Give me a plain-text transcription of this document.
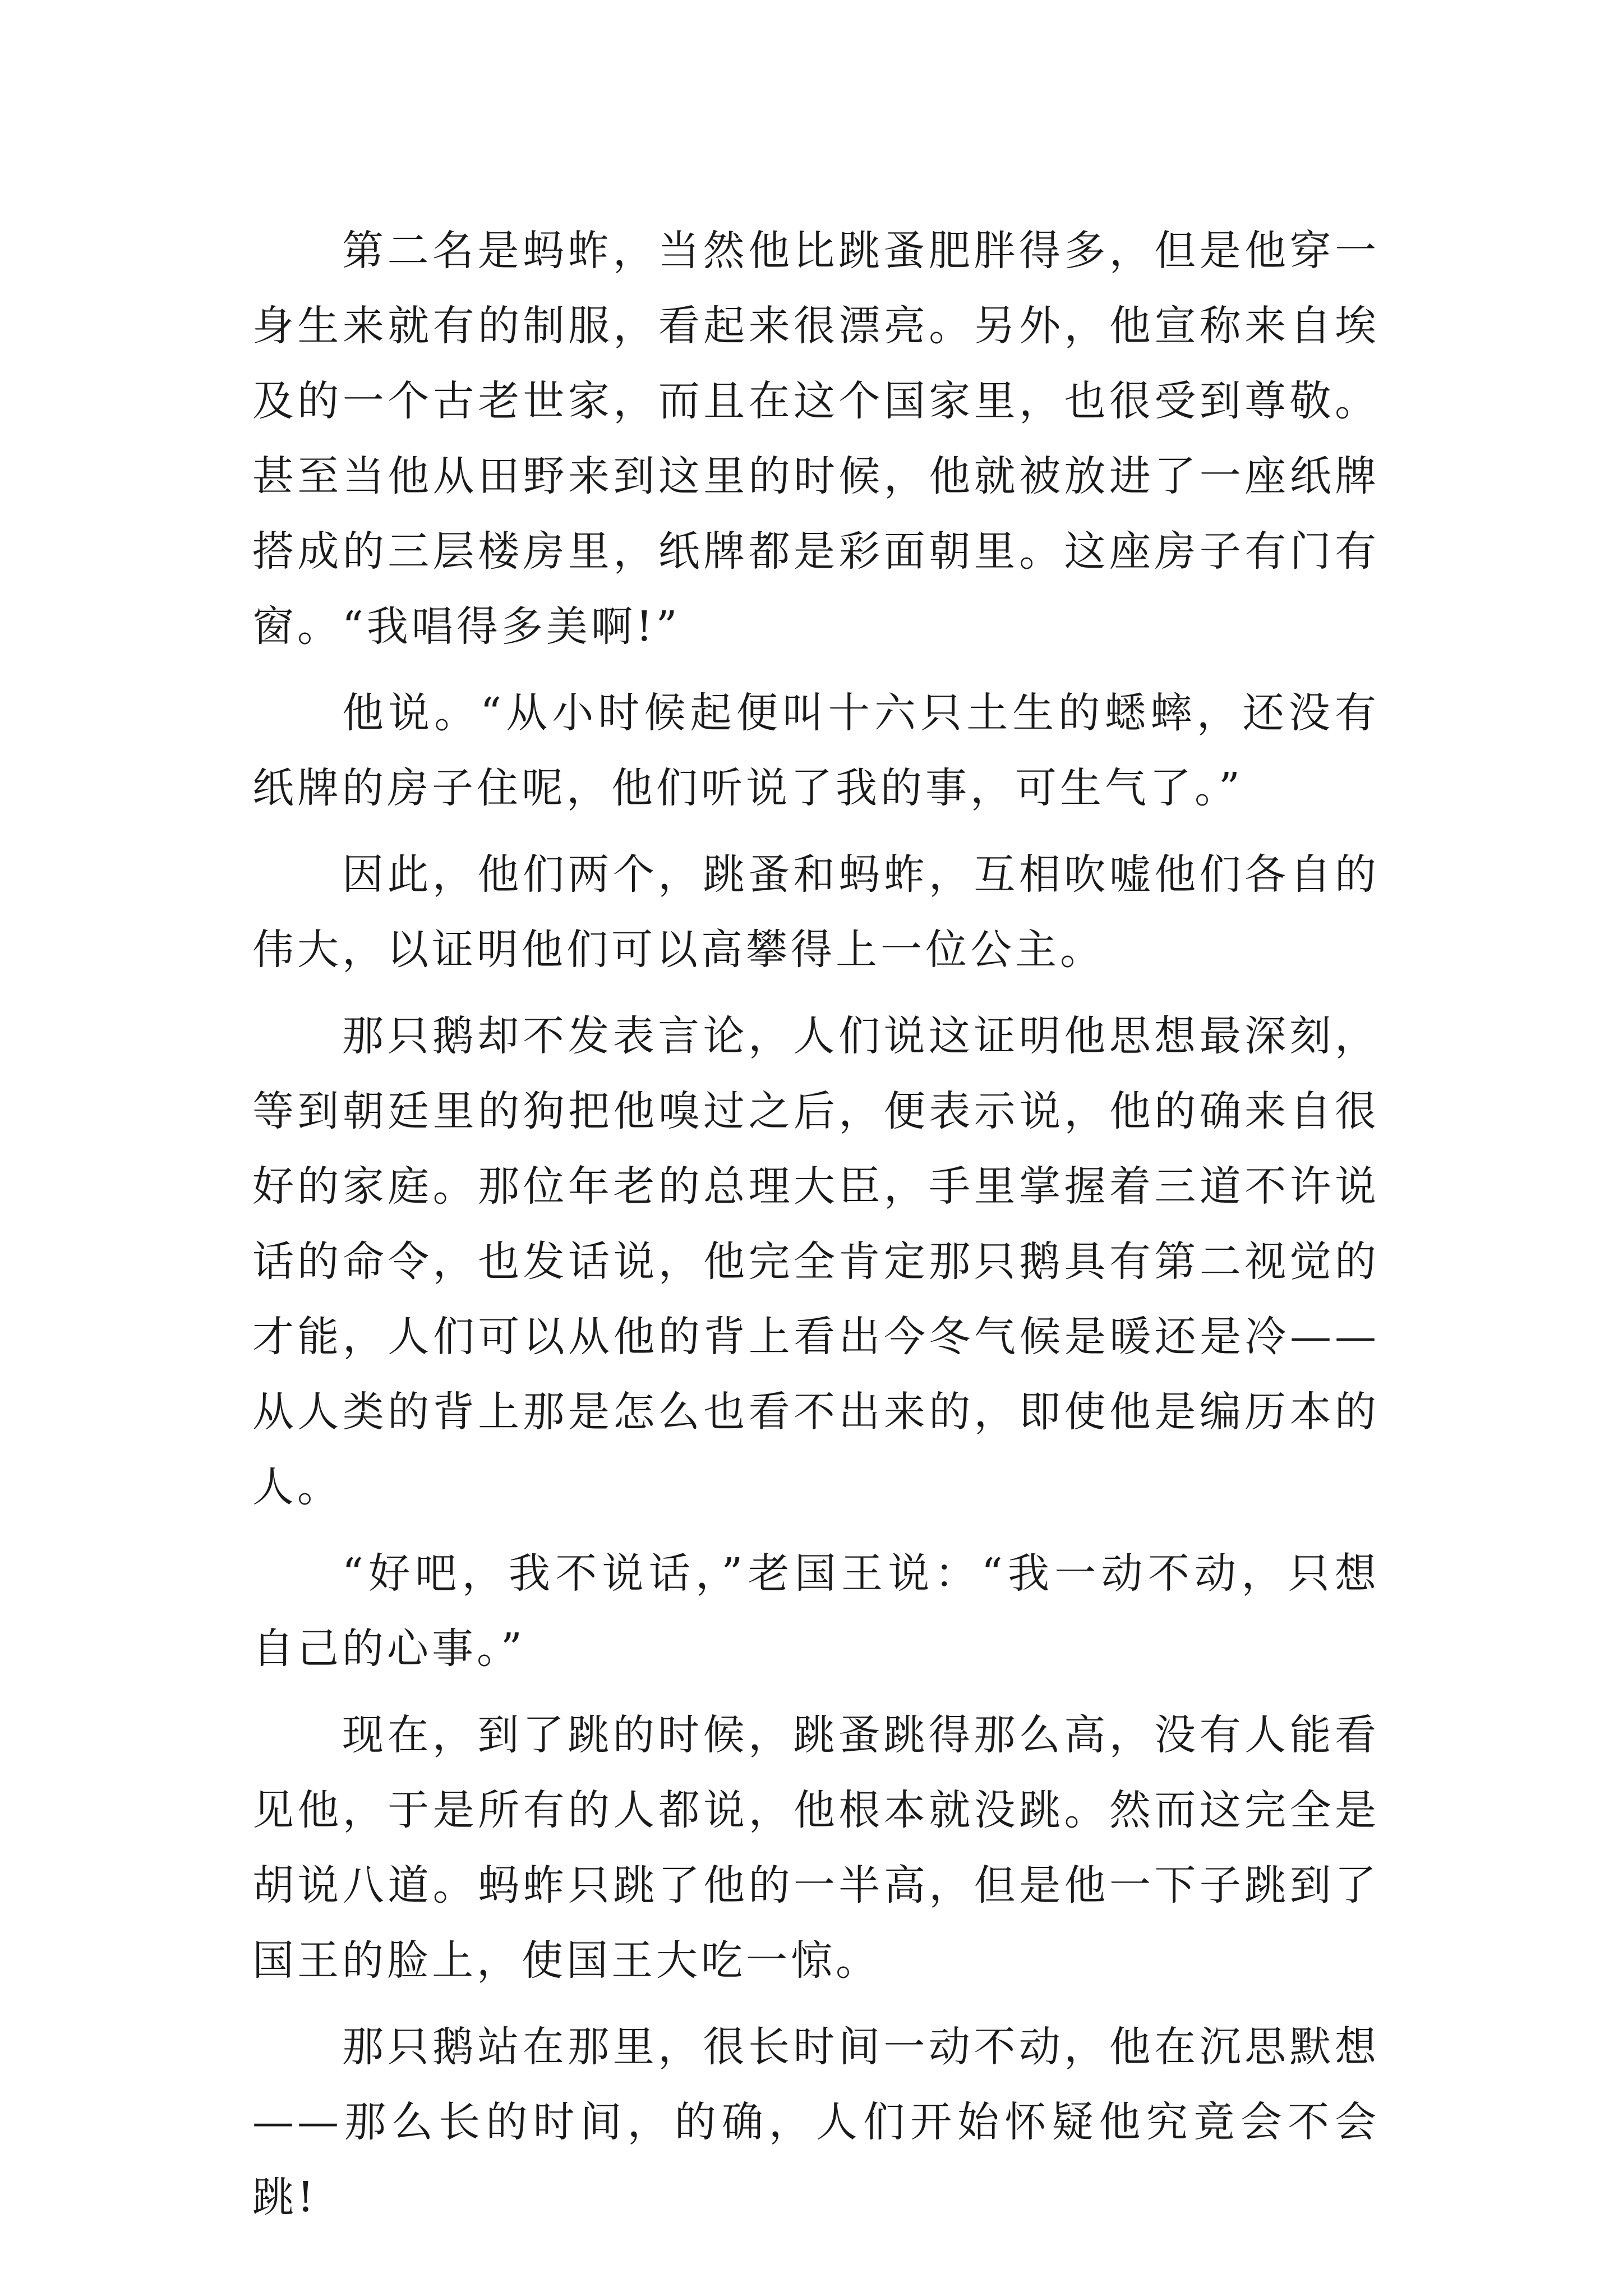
第二名是蚂蚱，当然他比跳蚤肥胖得多，但是他穿一身生来就有的制服，看起来很漂亮。另外，他宣称来自埃及的一个古老世家，而且在这个国家里，也很受到尊敬。甚至当他从田野来到这里的时候，他就被放进了一座纸牌搭成的三层楼房里，纸牌都是彩面朝里。这座房子有门有窗。“我唱得多美啊!”

他说。“从小时候起便叫十六只土生的蟋蟀，还没有纸牌的房子住呢，他们听说了我的事，可生气了。”

因此，他们两个，跳蚤和蚂蚱，互相吹嘘他们各自的伟大，以证明他们可以高攀得上一位公主。

那只鹅却不发表言论，人们说这证明他思想最深刻，等到朝廷里的狗把他嗅过之后，便表示说，他的确来自很好的家庭。那位年老的总理大臣，手里掌握着三道不许说话的命令，也发话说，他完全肯定那只鹅具有第二视觉的才能，人们可以从他的背上看出今冬气候是暖还是冷——从人类的背上那是怎么也看不出来的，即使他是编历本的人。

“好吧，我不说话，”老国王说：“我一动不动，只想自己的心事。”

现在，到了跳的时候，跳蚤跳得那么高，没有人能看见他，于是所有的人都说，他根本就没跳。然而这完全是胡说八道。蚂蚱只跳了他的一半高，但是他一下子跳到了国王的脸上，使国王大吃一惊。

那只鹅站在那里，很长时间一动不动，他在沉思默想——那么长的时间，的确，人们开始怀疑他究竟会不会跳!
